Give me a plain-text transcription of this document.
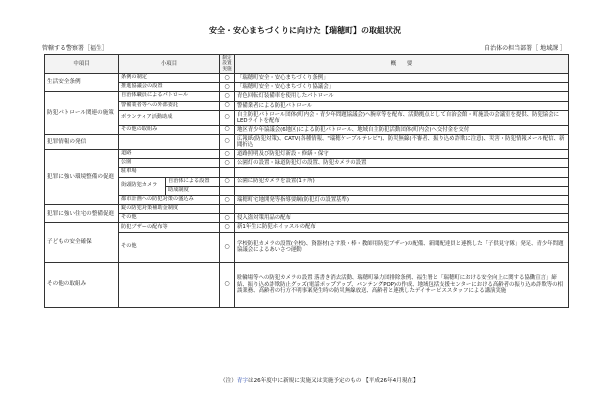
安全・安心まちづくりに向けた【瑞穂町】の取組状況
管轄する警察署［福生］	自治体の担当部署［ 地域課 ］
中項目	小項目		制定設置実施	概　　要
生活安全条例	条例の制定		○	「瑞穂町安全・安心まちづくり条例」
	推進協議会の設置		○	「瑞穂町安全・安心まちづくり協議会」
防犯パトロール関連の施策	自治体職員によるパトロール		○	青色回転灯装備車を使用したパトロール
	警備業者等への外部委託		○	警備業者による防犯パトロール
	ボランティア活動助成		○	自主防犯パトロール団体(町内会・青少年問題協議会)へ腕章等を配布、活動拠点として自治会館・町施設の会議室を提供、防犯協会にLEDライトを配布
	その他の取組み		○	地区青少年協議会(6地区)による防犯パトロール、地域自主防犯活動団体(町内会)へ交付金を交付
犯罪情報の発信			○	広報紙(防犯対策)、CATV(各種情報、"瑞穂ケーブルテレビ")、防災無線(不審者、振り込め詐欺に注意)、災害・防犯情報メール配信、新聞折込
犯罪に強い環境整備の促進	道路		○	道路照明及び防犯灯新設・修繕・保守
	公園		○	公園灯の設置・緑道防犯灯の設置、防犯カメラの設置
	駐車場			
	街頭防犯カメラ	自治体による設置	○	公園に防犯カメラを設置(1ヶ所)
		助成制度		
	都市計画への防犯対策の盛込み		○	瑞穂町宅地開発等指導要綱(防犯灯の設置基準)
犯罪に強い住宅の整備促進	錠の防犯対策補助金制度			
	その他		○	侵入盗対策用品の配布
子どもの安全確保	防犯ブザーの配布等		○	新1年生に防犯ホイッスルの配布
	その他		○	学校防犯カメラの設置(全校)、資器材(さす股・棒・教師用防犯ブザー)の配備、新聞配達員と連携した「子供見守隊」発足、青少年問題協議会によるあいさつ運動
その他の取組み			○	駐輪場等への防犯カメラの設置 落書き消去活動、瑞穂町暴力団排除条例、福生署と「瑞穂町における安全向上に関する協働宣言」締結、振り込め詐欺防止グッズ(電話ポップアップ、バンテングPOP)の作成、地域包括支援センターにおける高齢者の振り込め詐欺等の相談業務、高齢者の行方不明事案発生時の防災無線放送、高齢者と連携したデイサービススタッフによる講演実施
（注）青字は26年度中に新規に実施又は実施予定のもの 【平成26年4月現在】
